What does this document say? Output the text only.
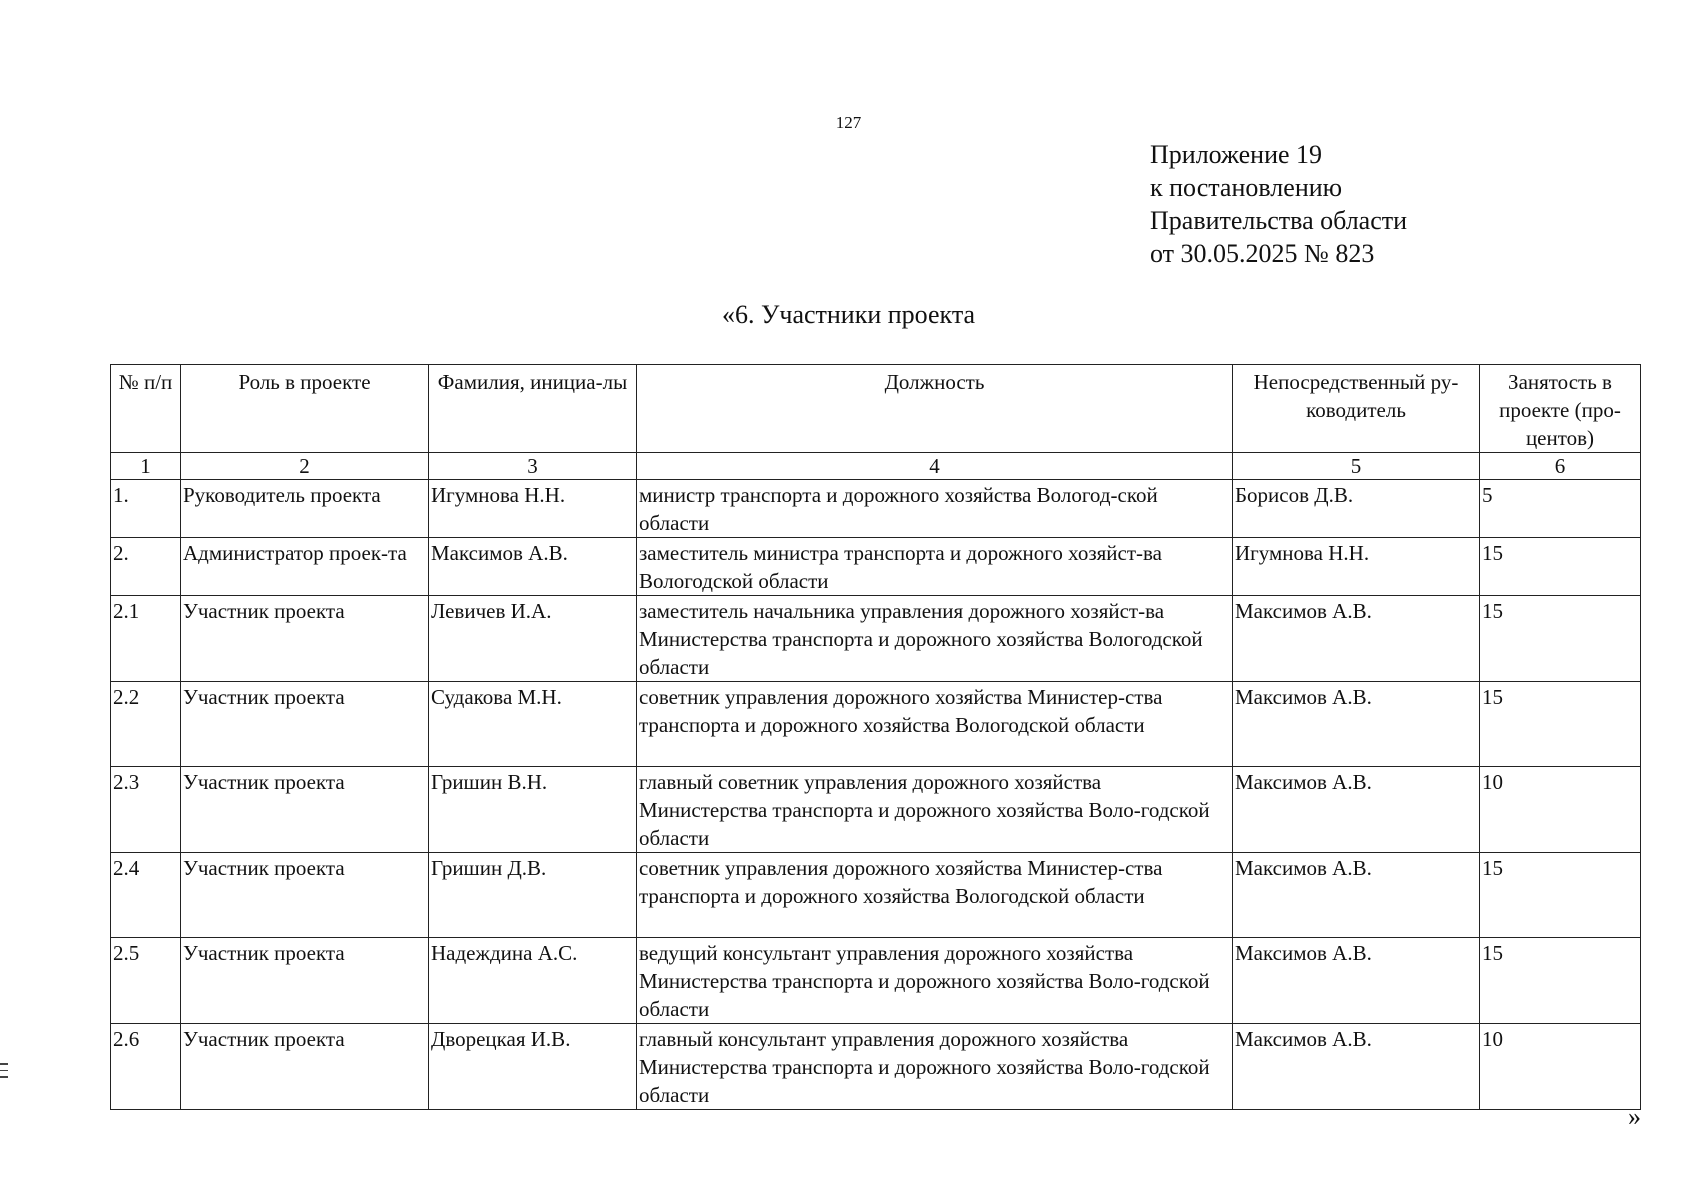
127
Приложение 19
к постановлению
Правительства области
от 30.05.2025 № 823
«6. Участники проекта
№ п/п	Роль в проекте	Фамилия, инициа-лы	Должность	Непосредственный ру-ководитель	Занятость в проекте (про-центов)
1	2	3	4	5	6
1.	Руководитель проекта	Игумнова Н.Н.	министр транспорта и дорожного хозяйства Вологод-ской области	Борисов Д.В.	5
2.	Администратор проек-та	Максимов А.В.	заместитель министра транспорта и дорожного хозяйст-ва Вологодской области	Игумнова Н.Н.	15
2.1	Участник проекта	Левичев И.А.	заместитель начальника управления дорожного хозяйст-ва Министерства транспорта и дорожного хозяйства Вологодской области	Максимов А.В.	15
2.2	Участник проекта	Судакова М.Н.	советник управления дорожного хозяйства Министер-ства транспорта и дорожного хозяйства Вологодской области	Максимов А.В.	15
2.3	Участник проекта	Гришин В.Н.	главный советник управления дорожного хозяйства Министерства транспорта и дорожного хозяйства Воло-годской области	Максимов А.В.	10
2.4	Участник проекта	Гришин Д.В.	советник управления дорожного хозяйства Министер-ства транспорта и дорожного хозяйства Вологодской области	Максимов А.В.	15
2.5	Участник проекта	Надеждина А.С.	ведущий консультант управления дорожного хозяйства Министерства транспорта и дорожного хозяйства Воло-годской области	Максимов А.В.	15
2.6	Участник проекта	Дворецкая И.В.	главный консультант управления дорожного хозяйства Министерства транспорта и дорожного хозяйства Воло-годской области	Максимов А.В.	10
»
